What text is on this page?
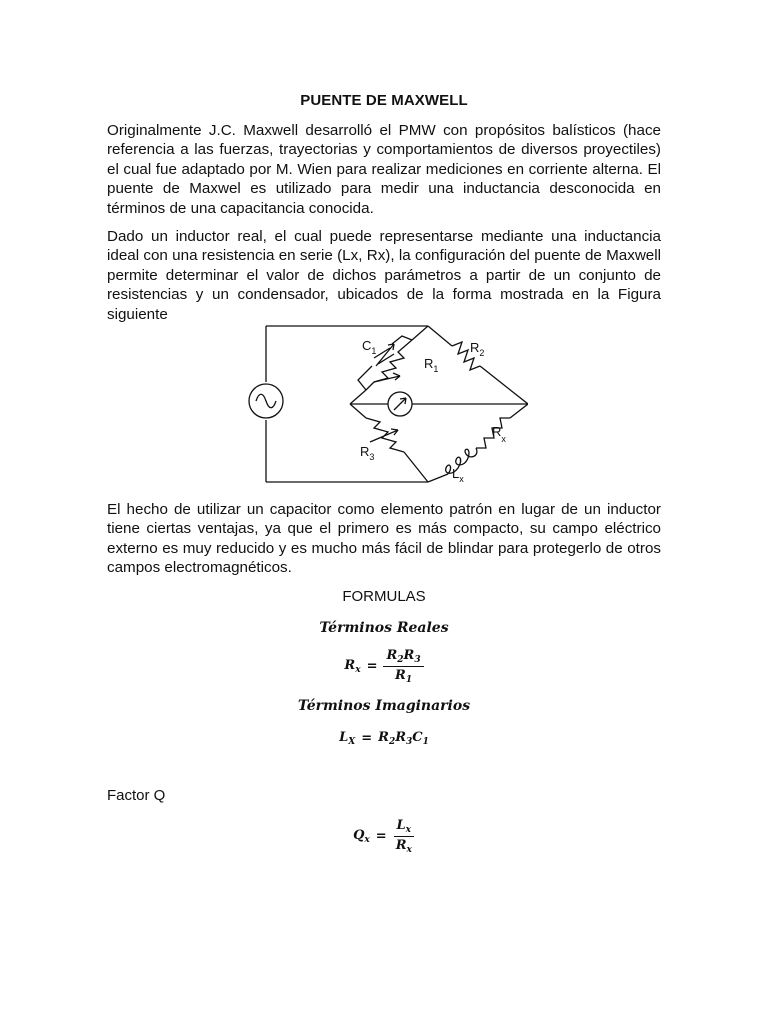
PUENTE DE MAXWELL
Originalmente J.C. Maxwell desarrolló el PMW con propósitos balísticos (hace referencia a las fuerzas, trayectorias y comportamientos de diversos proyectiles) el cual fue adaptado por M. Wien para realizar mediciones en corriente alterna. El puente de Maxwel es utilizado para medir una inductancia desconocida en términos de una capacitancia conocida.
Dado un inductor real, el cual puede representarse mediante una inductancia ideal con una resistencia en serie (Lx, Rx), la configuración del puente de Maxwell permite determinar el valor de dichos parámetros a partir de un conjunto de resistencias y un condensador, ubicados de la forma mostrada en la Figura siguiente
$C_1$
$R_1$
$R_2$
$R_3$
$R_x$
$L_x$
El hecho de utilizar un capacitor como elemento patrón en lugar de un inductor tiene ciertas ventajas, ya que el primero es más compacto, su campo eléctrico externo es muy reducido y es mucho más fácil de blindar para protegerlo de otros campos electromagnéticos.
FORMULAS
Términos Reales
$R_x = \frac{R_2R_3}{R_1}$
Términos Imaginarios
$L_X = R_2R_3C_1$
Factor Q
$Q_x = \frac{L_x}{R_x}$
